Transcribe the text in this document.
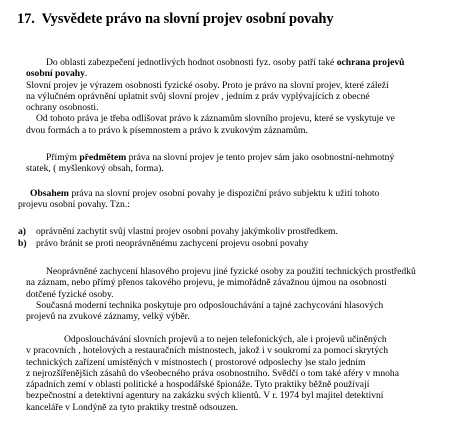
17. Vysvědete právo na slovní projev osobní povahy
Do oblasti zabezpečení jednotlivých hodnot osobnosti fyz. osoby patří také ochrana projevů
osobní povahy.
Slovní projev je výrazem osobnosti fyzické osoby. Proto je právo na slovní projev, které záleží
na výlučném oprávnění uplatnit svůj slovní projev , jedním z práv vyplývajících z obecné
ochrany osobnosti.
Od tohoto práva je třeba odlišovat právo k záznamům slovního projevu, které se vyskytuje ve
dvou formách a to právo k písemnostem a právo k zvukovým záznamům.
Přímým předmětem práva na slovní projev je tento projev sám jako osobnostní-nehmotný
statek, ( myšlenkový obsah, forma).
Obsahem práva na slovní projev osobní povahy je dispoziční právo subjektu k užití tohoto
projevu osobní povahy. Tzn.:
a) oprávnění zachytit svůj vlastní projev osobní povahy jakýmkoliv prostředkem.
b) právo bránit se proti neoprávněnému zachycení projevu osobní povahy
Neoprávněné zachycení hlasového projevu jiné fyzické osoby za použití technických prostředků
na záznam, nebo přímý přenos takového projevu, je mimořádně závažnou újmou na osobnosti
dotčené fyzické osoby.
Současná moderní technika poskytuje pro odposlouchávání a tajné zachycování hlasových
projevů na zvukové záznamy, velký výběr.
Odposlouchávání slovních projevů a to nejen telefonických, ale i projevů učiněných
v pracovních , hotelových a restauračních místnostech, jakož i v soukromí za pomoci skrytých
technických zařízení umístěných v místnostech ( prostorové odposlechy )se stalo jedním
z nejrozšířenějších zásahů do všeobecného práva osobnostního. Svědčí o tom také aféry v mnoha
západních zemí v oblasti politické a hospodářské špionáže. Tyto praktiky běžně používají
bezpečnostní a detektivní agentury na zakázku svých klientů. V r. 1974 byl majitel detektivní
kanceláře v Londýně za tyto praktiky trestně odsouzen.
